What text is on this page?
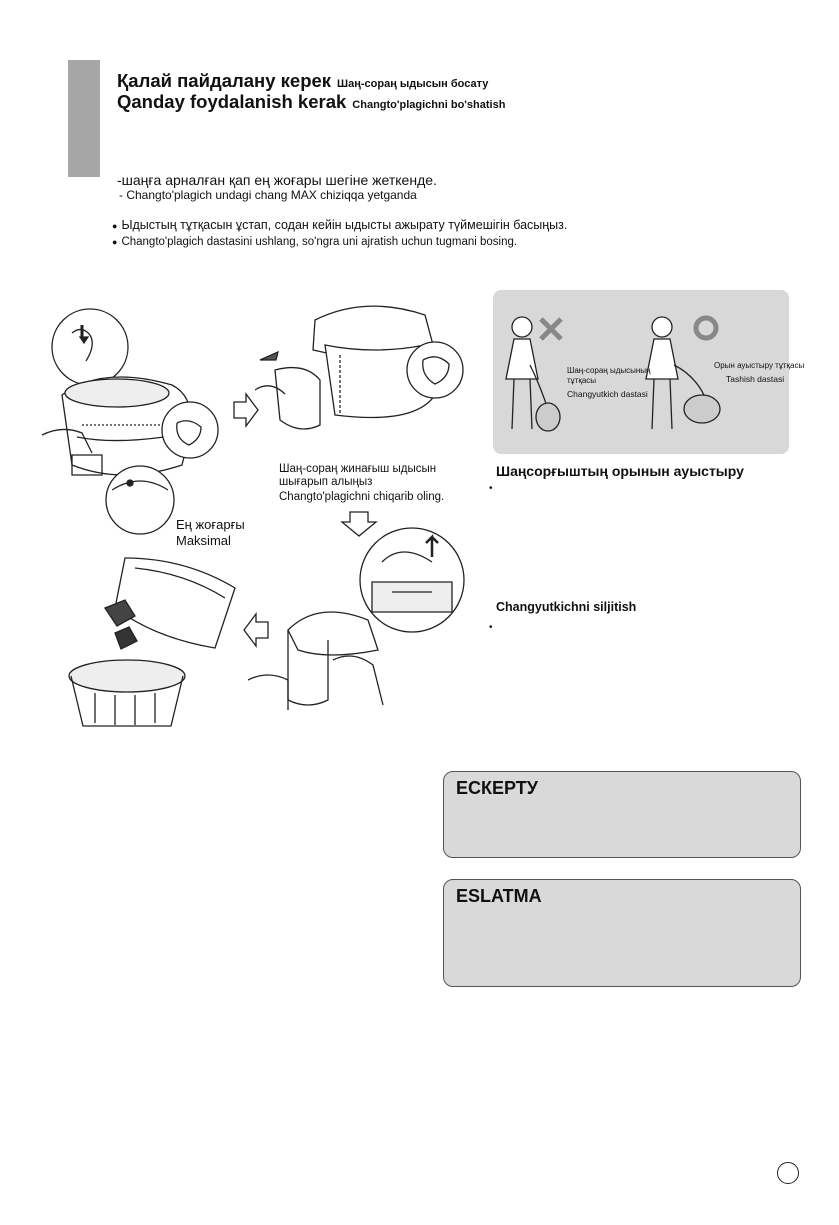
Қалай пайдалану керек Шаң-сорaң ыдысын босату
Qanday foydalanish kerak Changto'plagichni bo'shatish
-шаңға арналған қап ең жоғары шегіне жеткенде.
- Changto'plagich undagi chang MAX chiziqqa yetganda
● Ыдыстың тұтқасын ұстап, содан кейін ыдысты ажырату түймешігін басыңыз.
● Changto'plagich dastasini ushlang, so'ngra uni ajratish uchun tugmani bosing.
Шаң-сорaң жинағыш ыдысын шығарып алыңыз
Changto'plagichni chiqarib oling.
Ең жоғарғы
Maksimal
Шаң-сорaң ыдысының тұтқасы
Changyutkich dastasi
Орын ауыстыру тұтқасы
Tashish dastasi
Шаңсорғыштың орынын ауыстыру
•
Changyutkichni siljitish
•
ЕСКЕРТУ
ESLATMA
